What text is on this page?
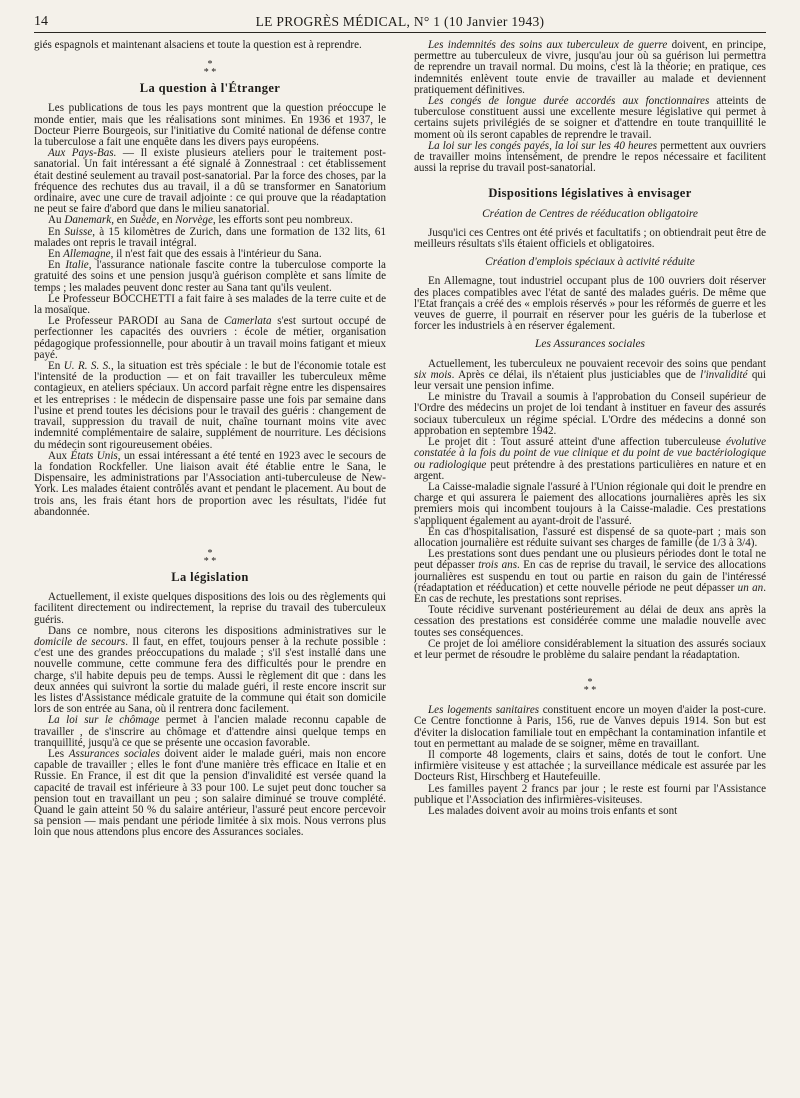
14	LE PROGRÈS MÉDICAL, N° 1 (10 Janvier 1943)

giés espagnols et maintenant alsaciens et toute la question est à reprendre.

*
* *
La question à l'Étranger

Les publications de tous les pays montrent que la question préoccupe le monde entier, mais que les réalisations sont minimes. En 1936 et 1937, le Docteur Pierre Bourgeois, sur l'initiative du Comité national de défense contre la tuberculose a fait une enquête dans les divers pays européens.

Aux Pays-Bas. — Il existe plusieurs ateliers pour le traitement post-sanatorial. Un fait intéressant a été signalé à Zonnestraal : cet établissement était destiné seulement au travail post-sanatorial. Par la force des choses, par la fréquence des rechutes dus au travail, il a dû se transformer en Sanatorium ordinaire, avec une cure de travail adjointe : ce qui prouve que la réadaptation ne peut se faire d'abord que dans le milieu sanatorial.

Au Danemark, en Suède, en Norvège, les efforts sont peu nombreux.

En Suisse, à 15 kilomètres de Zurich, dans une formation de 132 lits, 61 malades ont repris le travail intégral.

En Allemagne, il n'est fait que des essais à l'intérieur du Sana.

En Italie, l'assurance nationale fascite contre la tuberculose comporte la gratuité des soins et une pension jusqu'à guérison complète et sans limite de temps ; les malades peuvent donc rester au Sana tant qu'ils veulent.

Le Professeur BOCCHETTI a fait faire à ses malades de la terre cuite et de la mosaïque.

Le Professeur PARODI au Sana de Camerlata s'est surtout occupé de perfectionner les capacités des ouvriers : école de métier, organisation pédagogique professionnelle, pour aboutir à un travail moins fatigant et mieux payé.

En U. R. S. S., la situation est très spéciale : le but de l'économie totale est l'intensité de la production — et on fait travailler les tuberculeux même contagieux, en ateliers spéciaux. Un accord parfait règne entre les dispensaires et les entreprises : le médecin de dispensaire passe une fois par semaine dans l'usine et prend toutes les décisions pour le travail des guéris : changement de travail, suppression du travail de nuit, chaîne tournant moins vite avec indemnité complémentaire de salaire, supplément de nourriture. Les décisions du médecin sont rigoureusement obéies.

Aux États Unis, un essai intéressant a été tenté en 1923 avec le secours de la fondation Rockfeller. Une liaison avait été établie entre le Sana, le Dispensaire, les administrations par l'Association anti-tuberculeuse de New-York. Les malades étaient contrôlés avant et pendant le placement. Au bout de trois ans, les frais étant hors de proportion avec les résultats, l'idée fut abandonnée.

*
* *
La législation

Actuellement, il existe quelques dispositions des lois ou des règlements qui facilitent directement ou indirectement, la reprise du travail des tuberculeux guéris.

Dans ce nombre, nous citerons les dispositions administratives sur le domicile de secours. Il faut, en effet, toujours penser à la rechute possible : c'est une des grandes préoccupations du malade ; s'il s'est installé dans une nouvelle commune, cette commune fera des difficultés pour le prendre en charge, s'il habite depuis peu de temps. Aussi le règlement dit que : dans les deux années qui suivront la sortie du malade guéri, il reste encore inscrit sur les listes d'Assistance médicale gratuite de la commune qui était son domicile lors de son entrée au Sana, où il rentrera donc facilement.

La loi sur le chômage permet à l'ancien malade reconnu capable de travailler , de s'inscrire au chômage et d'attendre ainsi quelque temps en tranquillité, jusqu'à ce que se présente une occasion favorable.

Les Assurances sociales doivent aider le malade guéri, mais non encore capable de travailler ; elles le font d'une manière très efficace en Italie et en Russie. En France, il est dit que la pension d'invalidité est versée quand la capacité de travail est inférieure à 33 pour 100. Le sujet peut donc toucher sa pension tout en travaillant un peu ; son salaire diminué se trouve complété. Quand le gain atteint 50 % du salaire antérieur, l'assuré peut encore percevoir sa pension — mais pendant une période limitée à six mois. Nous verrons plus loin que nous attendons plus encore des Assurances sociales.

Les indemnités des soins aux tuberculeux de guerre doivent, en principe, permettre au tuberculeux de vivre, jusqu'au jour où sa guérison lui permettra de reprendre un travail normal. Du moins, c'est là la théorie; en pratique, ces indemnités enlèvent toute envie de travailler au malade et deviennent pratiquement définitives.

Les congés de longue durée accordés aux fonctionnaires atteints de tuberculose constituent aussi une excellente mesure législative qui permet à certains sujets privilégiés de se soigner et d'attendre en toute tranquillité le moment où ils seront capables de reprendre le travail.

La loi sur les congés payés, la loi sur les 40 heures permettent aux ouvriers de travailler moins intensément, de prendre le repos nécessaire et facilitent aussi la reprise du travail post-sanatorial.

Dispositions législatives à envisager
Création de Centres de rééducation obligatoire

Jusqu'ici ces Centres ont été privés et facultatifs ; on obtiendrait peut être de meilleurs résultats s'ils étaient officiels et obligatoires.

Création d'emplois spéciaux à activité réduite

En Allemagne, tout industriel occupant plus de 100 ouvriers doit réserver des places compatibles avec l'état de santé des malades guéris. De même que l'Etat français a créé des « emplois réservés » pour les réformés de guerre et les veuves de guerre, il pourrait en réserver pour les guéris de la tuberlose et forcer les industriels à en réserver également.

Les Assurances sociales

Actuellement, les tuberculeux ne pouvaient recevoir des soins que pendant six mois. Après ce délai, ils n'étaient plus justiciables que de l'invalidité qui leur versait une pension infime.

Le ministre du Travail a soumis à l'approbation du Conseil supérieur de l'Ordre des médecins un projet de loi tendant à instituer en faveur des assurés sociaux tuberculeux un régime spécial. L'Ordre des médecins a donné son approbation en septembre 1942.

Le projet dit : Tout assuré atteint d'une affection tuberculeuse évolutive constatée à la fois du point de vue clinique et du point de vue bactériologique ou radiologique peut prétendre à des prestations particulières en nature et en argent.

La Caisse-maladie signale l'assuré à l'Union régionale qui doit le prendre en charge et qui assurera le paiement des allocations journalières après les six premiers mois qui incombent toujours à la Caisse-maladie. Ces prestations s'appliquent également au ayant-droit de l'assuré.

En cas d'hospitalisation, l'assuré est dispensé de sa quote-part ; mais son allocation journalière est réduite suivant ses charges de famille (de 1/3 à 3/4).

Les prestations sont dues pendant une ou plusieurs périodes dont le total ne peut dépasser trois ans. En cas de reprise du travail, le service des allocations journalières est suspendu en tout ou partie en raison du gain de l'intéressé (réadaptation et rééducation) et cette nouvelle période ne peut dépasser un an. En cas de rechute, les prestations sont reprises.

Toute récidive survenant postérieurement au délai de deux ans après la cessation des prestations est considérée comme une maladie nouvelle avec toutes ses conséquences.

Ce projet de loi améliore considérablement la situation des assurés sociaux et leur permet de résoudre le problème du salaire pendant la réadaptation.

*
* *

Les logements sanitaires constituent encore un moyen d'aider la post-cure. Ce Centre fonctionne à Paris, 156, rue de Vanves depuis 1914. Son but est d'éviter la dislocation familiale tout en empêchant la contamination infantile et tout en permettant au malade de se soigner, même en travaillant.

Il comporte 48 logements, clairs et sains, dotés de tout le confort. Une infirmière visiteuse y est attachée ; la surveillance médicale est assurée par les Docteurs Rist, Hirschberg et Hautefeuille.

Les familles payent 2 francs par jour ; le reste est fourni par l'Assistance publique et l'Association des infirmières-visiteuses.

Les malades doivent avoir au moins trois enfants et sont
